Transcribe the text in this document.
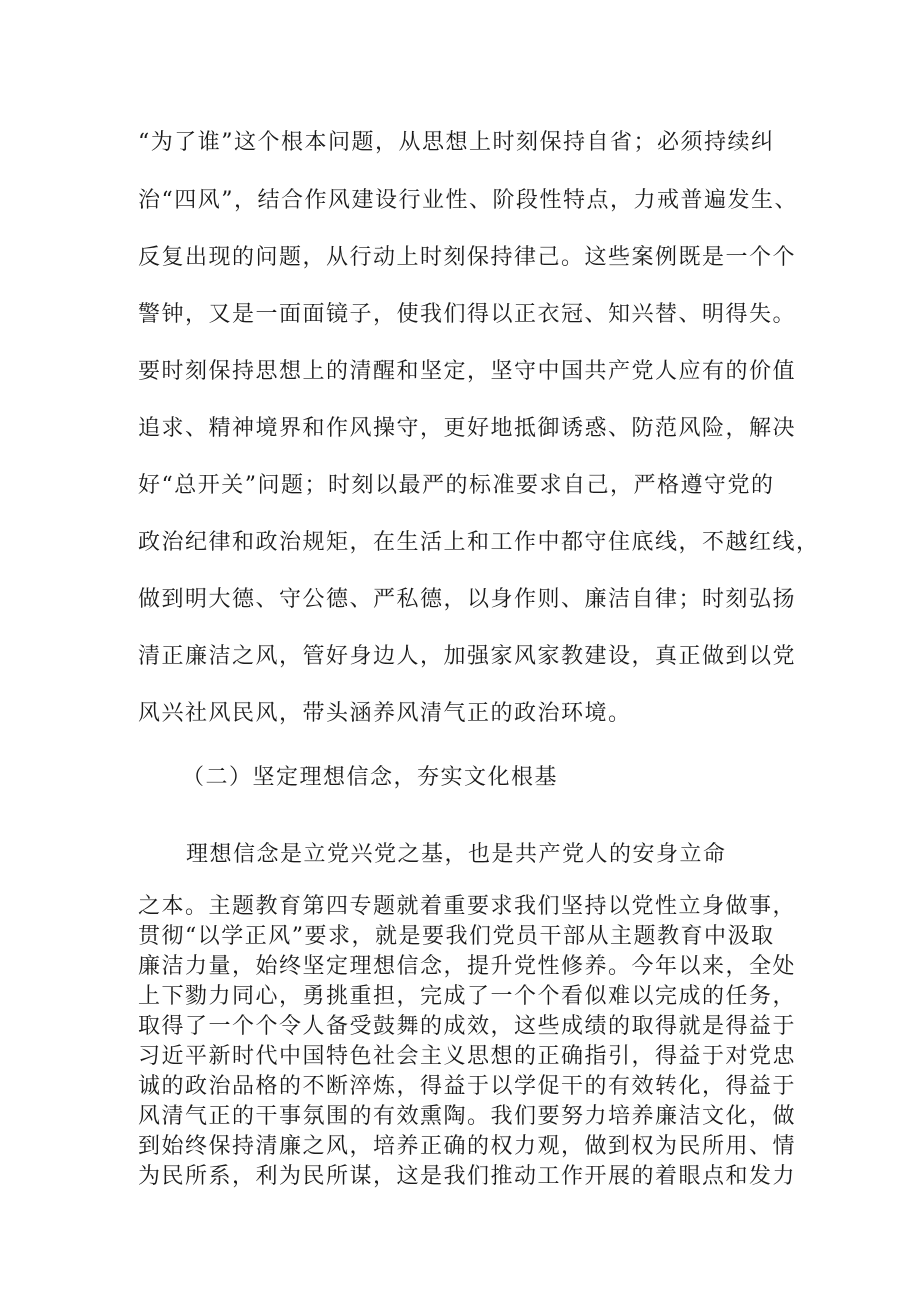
“为了谁”这个根本问题，从思想上时刻保持自省；必须持续纠
治“四风”，结合作风建设行业性、阶段性特点，力戒普遍发生、
反复出现的问题，从行动上时刻保持律己。这些案例既是一个个
警钟，又是一面面镜子，使我们得以正衣冠、知兴替、明得失。
要时刻保持思想上的清醒和坚定，坚守中国共产党人应有的价值
追求、精神境界和作风操守，更好地抵御诱惑、防范风险，解决
好“总开关”问题；时刻以最严的标准要求自己，严格遵守党的
政治纪律和政治规矩，在生活上和工作中都守住底线，不越红线，
做到明大德、守公德、严私德，以身作则、廉洁自律；时刻弘扬
清正廉洁之风，管好身边人，加强家风家教建设，真正做到以党
风兴社风民风，带头涵养风清气正的政治环境。
（二）坚定理想信念，夯实文化根基
理想信念是立党兴党之基，也是共产党人的安身立命
之本。主题教育第四专题就着重要求我们坚持以党性立身做事，
贯彻“以学正风”要求，就是要我们党员干部从主题教育中汲取
廉洁力量，始终坚定理想信念，提升党性修养。今年以来，全处
上下勠力同心，勇挑重担，完成了一个个看似难以完成的任务，
取得了一个个令人备受鼓舞的成效，这些成绩的取得就是得益于
习近平新时代中国特色社会主义思想的正确指引，得益于对党忠
诚的政治品格的不断淬炼，得益于以学促干的有效转化，得益于
风清气正的干事氛围的有效熏陶。我们要努力培养廉洁文化，做
到始终保持清廉之风，培养正确的权力观，做到权为民所用、情
为民所系，利为民所谋，这是我们推动工作开展的着眼点和发力
